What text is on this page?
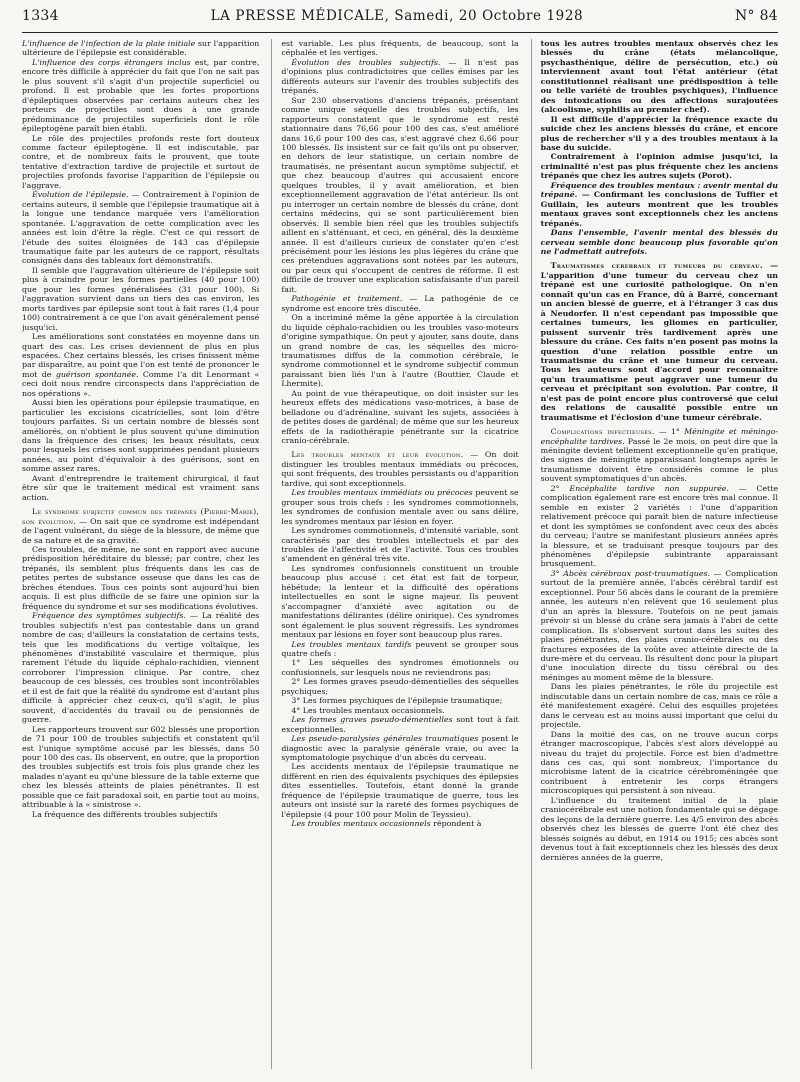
1334	LA PRESSE MÉDICALE, Samedi, 20 Octobre 1928	N° 84

L'influence de l'infection de la plaie initiale sur l'apparition ultérieure de l'épilepsie est considérable.

L'influence des corps étrangers inclus est, par contre, encore très difficile à apprécier du fait que l'on ne sait pas le plus souvent s'il s'agit d'un projectile superficiel ou profond. Il est probable que les fortes proportions d'épileptiques observées par certains auteurs chez les porteurs de projectiles sont dues à une grande prédominance de projectiles superficiels dont le rôle épileptogène paraît bien établi.

Le rôle des projectiles profonds reste fort douteux comme facteur épileptogène. Il est indiscutable, par contre, et de nombreux faits le prouvent, que toute tentative d'extraction tardive de projectile et surtout de projectiles profonds favorise l'apparition de l'épilepsie ou l'aggrave.

Évolution de l'épilepsie. — Contrairement à l'opinion de certains auteurs, il semble que l'épilepsie traumatique ait à la longue une tendance marquée vers l'amélioration spontanée. L'aggravation de cette complication avec les années est loin d'être la règle. C'est ce qui ressort de l'étude des suites éloignées de 143 cas d'épilepsie traumatique faite par les auteurs de ce rapport, résultats consignés dans des tableaux fort démonstratifs.

Il semble que l'aggravation ultérieure de l'épilepsie soit plus à craindre pour les formes partielles (40 pour 100) que pour les formes généralisées (31 pour 100). Si l'aggravation survient dans un tiers des cas environ, les morts tardives par épilepsie sont tout à fait rares (1,4 pour 100) contrairement à ce que l'on avait généralement pensé jusqu'ici.

Les améliorations sont constatées en moyenne dans un quart des cas. Les crises deviennent de plus en plus espacées. Chez certains blessés, les crises finissent même par disparaître, au point que l'on est tenté de prononcer le mot de guérison spontanée. Comme l'a dit Lenormant « ceci doit nous rendre circonspects dans l'appréciation de nos opérations ».

Aussi bien les opérations pour épilepsie traumatique, en particulier les excisions cicatricielles, sont loin d'être toujours parfaites. Si un certain nombre de blessés sont améliorés, on n'obtient le plus souvent qu'une diminution dans la fréquence des crises; les beaux résultats, ceux pour lesquels les crises sont supprimées pendant plusieurs années, au point d'équivaloir à des guérisons, sont en somme assez rares.

Avant d'entreprendre le traitement chirurgical, il faut être sûr que le traitement médical est vraiment sans action.

Le syndrome subjectif commun des trépanés (Pierre-Marie), son évolution. — On sait que ce syndrome est indépendant de l'agent vulnérant, du siège de la blessure, de même que de sa nature et de sa gravité.

Ces troubles, de même, ne sont en rapport avec aucune prédisposition héréditaire du blessé; par contre, chez les trépanés, ils semblent plus fréquents dans les cas de petites pertes de substance osseuse que dans les cas de brèches étendues. Tous ces points sont aujourd'hui bien acquis. Il est plus difficile de se faire une opinion sur la fréquence du syndrome et sur ses modifications évolutives.

Fréquence des symptômes subjectifs. — La réalité des troubles subjectifs n'est pas contestable dans un grand nombre de cas; d'ailleurs la constatation de certains tests, tels que les modifications du vertige voltaïque, les phénomènes d'instabilité vasculaire et thermique, plus rarement l'étude du liquide céphalo-rachidien, viennent corroborer l'impression clinique. Par contre, chez beaucoup de ces blessés, ces troubles sont incontrôlables et il est de fait que la réalité du syndrome est d'autant plus difficile à apprécier chez ceux-ci, qu'il s'agit, le plus souvent, d'accidentés du travail ou de pensionnés de guerre.

Les rapporteurs trouvent sur 602 blessés une proportion de 71 pour 100 de troubles subjectifs et constatent qu'il est l'unique symptôme accusé par les blessés, dans 50 pour 100 des cas. Ils observent, en outre, que la proportion des troubles subjectifs est trois fois plus grande chez les malades n'ayant eu qu'une blessure de la table externe que chez les blessés atteints de plaies pénétrantes. Il est possible que ce fait paradoxal soit, en partie tout au moins, attribuable à la « sinistrose ».

La fréquence des différents troubles subjectifs

est variable. Les plus fréquents, de beaucoup, sont la céphalée et les vertiges.

Évolution des troubles subjectifs. — Il n'est pas d'opinions plus contradictoires que celles émises par les différents auteurs sur l'avenir des troubles subjectifs des trépanés.

Sur 230 observations d'anciens trépanés, présentant comme unique séquelle des troubles subjectifs, les rapporteurs constatent que le syndrome est resté stationnaire dans 76,66 pour 100 des cas, s'est amélioré dans 16,6 pour 100 des cas, s'est aggravé chez 6,66 pour 100 blessés. Ils insistent sur ce fait qu'ils ont pu observer, en dehors de leur statistique, un certain nombre de traumatisés, ne présentant aucun symptôme subjectif, et que chez beaucoup d'autres qui accusaient encore quelques troubles, il y avait amélioration, et bien exceptionnellement aggravation de l'état antérieur. Ils ont pu interroger un certain nombre de blessés du crâne, dont certains médecins, qui se sont particulièrement bien observés. Il semble bien réel que les troubles subjectifs aillent en s'atténuant, et ceci, en général, dès la deuxième année. Il est d'ailleurs curieux de constater qu'en c'est précisément pour les lésions les plus légères du crâne que ces prétendues aggravations sont notées par les auteurs, ou par ceux qui s'occupent de centres de réforme. Il est difficile de trouver une explication satisfaisante d'un pareil fait.

Pathogénie et traitement. — La pathogénie de ce syndrome est encore très discutée.

On a incriminé même la gêne apportée à la circulation du liquide céphalo-rachidien ou les troubles vaso-moteurs d'origine sympathique. On peut y ajouter, sans doute, dans un grand nombre de cas, les séquelles des micro-traumatismes diffus de la commotion cérébrale, le syndrome commotionnel et le syndrome subjectif commun paraissant bien liés l'un à l'autre (Bouttier, Claude et Lhermite).

Au point de vue thérapeutique, on doit insister sur les heureux effets des médications vaso-motrices, à base de belladone ou d'adrénaline, suivant les sujets, associées à de petites doses de gardénal; de même que sur les heureux effets de la radiothérapie pénétrante sur la cicatrice cranio-cérébrale.

Les troubles mentaux et leur évolution. — On doit distinguer les troubles mentaux immédiats ou précoces, qui sont fréquents, des troubles persistants ou d'apparition tardive, qui sont exceptionnels.

Les troubles mentaux immédiats ou précoces peuvent se grouper sous trois chefs : les syndromes commotionnels, les syndromes de confusion mentale avec ou sans délire, les syndromes mentaux par lésion en foyer.

Les syndromes commotionnels, d'intensité variable, sont caractérisés par des troubles intellectuels et par des troubles de l'affectivité et de l'activité. Tous ces troubles s'amendent en général très vite.

Les syndromes confusionnels constituent un trouble beaucoup plus accusé : cet état est fait de torpeur, hébétude; la lenteur et la difficulté des opérations intellectuelles en sont le signe majeur. Ils peuvent s'accompagner d'anxiété avec agitation ou de manifestations délirantes (délire onirique). Ces syndromes sont également le plus souvent régressifs. Les syndromes mentaux par lésions en foyer sont beaucoup plus rares.

Les troubles mentaux tardifs peuvent se grouper sous quatre chefs :

1° Les séquelles des syndromes émotionnels ou confusionnels, sur lesquels nous ne reviendrons pas;

2° Les formes graves pseudo-démentielles des séquelles psychiques;

3° Les formes psychiques de l'épilepsie traumatique;

4° Les troubles mentaux occasionnels.

Les formes graves pseudo-démentielles sont tout à fait exceptionnelles.

Les pseudo-paralysies générales traumatiques posent le diagnostic avec la paralysie générale vraie, ou avec la symptomatologie psychique d'un abcès du cerveau.

Les accidents mentaux de l'épilepsie traumatique ne diffèrent en rien des équivalents psychiques des épilepsies dites essentielles. Toutefois, étant donné la grande fréquence de l'épilepsie traumatique de guerre, tous les auteurs ont insisté sur la rareté des formes psychiques de l'épilepsie (4 pour 100 pour Molin de Teyssieu).

Les troubles mentaux occasionnels répondent à

tous les autres troubles mentaux observés chez les blessés du crâne (états mélancolique, psychasthénique, délire de persécution, etc.) où interviennent avant tout l'état antérieur (état constitutionnel réalisant une prédisposition à telle ou telle variété de troubles psychiques), l'influence des intoxications ou des affections surajoutées (alcoolisme, syphilis au premier chef).

Il est difficile d'apprécier la fréquence exacte du suicide chez les anciens blessés du crâne, et encore plus de rechercher s'il y a des troubles mentaux à la base du suicide.

Contrairement à l'opinion admise jusqu'ici, la criminalité n'est pas plus fréquente chez les anciens trépanés que chez les autres sujets (Porot).

Fréquence des troubles mentaux : avenir mental du trépané. — Confirmant les conclusions de Tuffier et Guillain, les auteurs montrent que les troubles mentaux graves sont exceptionnels chez les anciens trépanés.

Dans l'ensemble, l'avenir mental des blessés du cerveau semble donc beaucoup plus favorable qu'on ne l'admettait autrefois.

Traumatismes cérébraux et tumeurs du cerveau. — L'apparition d'une tumeur du cerveau chez un trépané est une curiosité pathologique. On n'en connaît qu'un cas en France, dû à Barré, concernant un ancien blessé de guerre, et à l'étranger 3 cas dus à Neudorfer. Il n'est cependant pas impossible que certaines tumeurs, les gliomes en particulier, puissent survenir très tardivement après une blessure du crâne. Ces faits n'en posent pas moins la question d'une relation possible entre un traumatisme du crâne et une tumeur du cerveau. Tous les auteurs sont d'accord pour reconnaître qu'un traumatisme peut aggraver une tumeur du cerveau et précipitant son évolution. Par contre, il n'est pas de point encore plus controversé que celui des relations de causalité possible entre un traumatisme et l'éclosion d'une tumeur cérébrale.

Complications infectieuses. — 1° Méningite et méningo-encéphalite tardives. Passé le 2e mois, on peut dire que la méningite devient tellement exceptionnelle qu'en pratique, des signes de méningite apparaissant longtemps après le traumatisme doivent être considérés comme le plus souvent symptomatiques d'un abcès.

2° Encéphalite tardive non suppurée. — Cette complication également rare est encore très mal connue. Il semble en exister 2 variétés : l'une d'apparition relativement précoce qui paraît bien de nature infectieuse et dont les symptômes se confondent avec ceux des abcès du cerveau; l'autre se manifestant plusieurs années après la blessure, et se traduisant presque toujours par des phénomènes d'épilepsie subintrante apparaissant brusquement.

3° Abcès cérébraux post-traumatiques. — Complication surtout de la première année, l'abcès cérébral tardif est exceptionnel. Pour 56 abcès dans le courant de la première année, les auteurs n'en relèvent que 16 seulement plus d'un an après la blessure. Toutefois on ne peut jamais prévoir si un blessé du crâne sera jamais à l'abri de cette complication. Ils s'observent surtout dans les suites des plaies pénétrantes, des plaies cranio-cérébrales ou des fractures exposées de la voûte avec atteinte directe de la dure-mère et du cerveau. Ils résultent donc pour la plupart d'une inoculation directe du tissu cérébral ou des méninges au moment même de la blessure.

Dans les plaies pénétrantes, le rôle du projectile est indiscutable dans un certain nombre de cas, mais ce rôle a été manifestement exagéré. Celui des esquilles projetées dans le cerveau est au moins aussi important que celui du projectile.

Dans la moitié des cas, on ne trouve aucun corps étranger macroscopique, l'abcès s'est alors développé au niveau du trajet du projectile. Force est bien d'admettre dans ces cas, qui sont nombreux, l'importance du microbisme latent de la cicatrice cérébroméningée que contribuent à entretenir les corps étrangers microscopiques qui persistent à son niveau.

L'influence du traitement initial de la plaie craniocérébrale est une notion fondamentale qui se dégage des leçons de la dernière guerre. Les 4/5 environ des abcès observés chez les blessés de guerre l'ont été chez des blessés soignés au début, en 1914 ou 1915; ces abcès sont devenus tout à fait exceptionnels chez les blessés des deux dernières années de la guerre,
